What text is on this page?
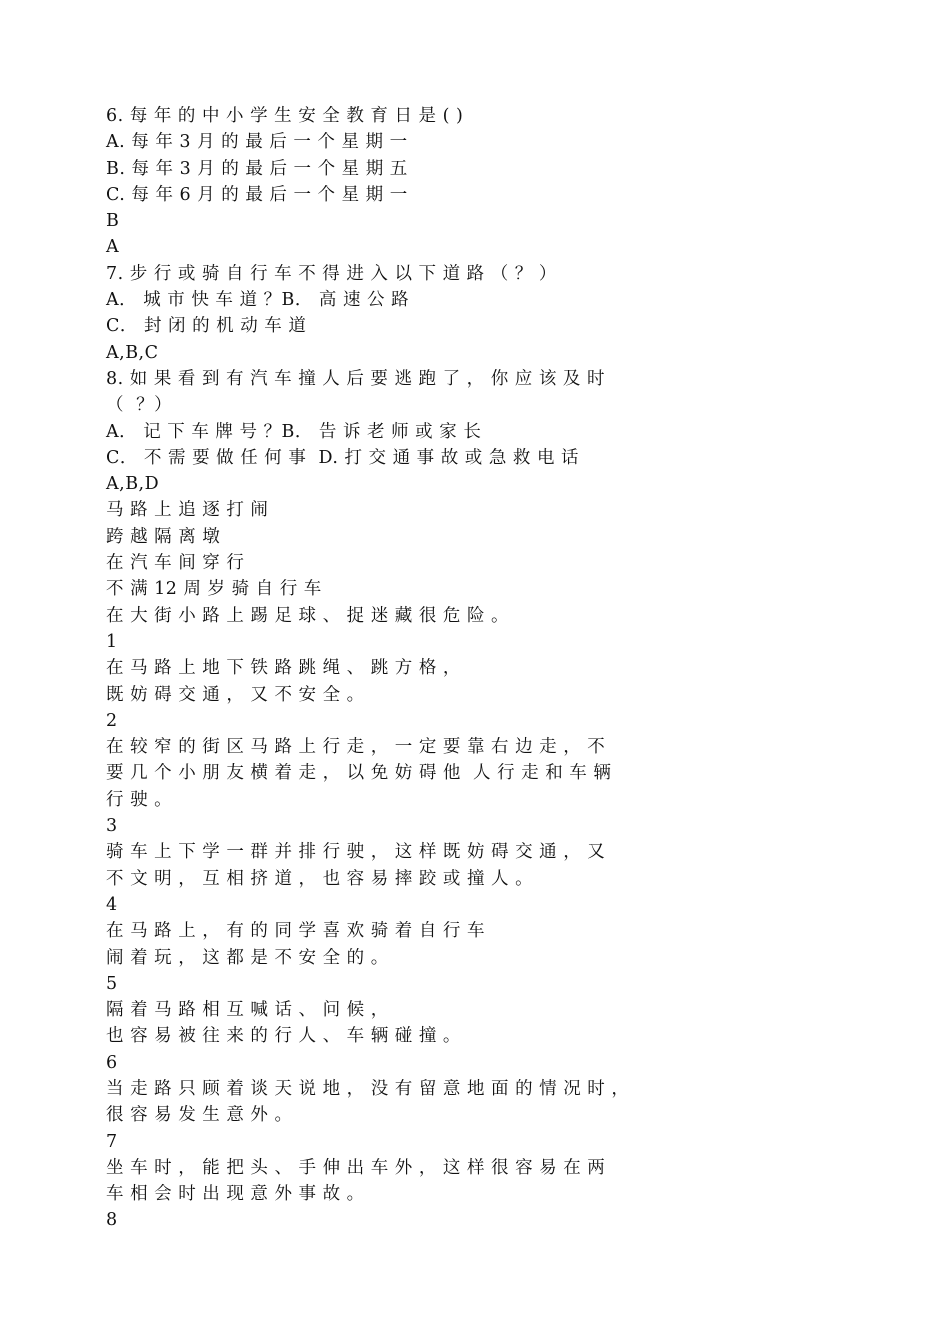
6. 每 年 的 中 小 学 生 安 全 教 育 日 是 ( )
A. 每 年 3 月 的 最 后 一 个 星 期 一
B. 每 年 3 月 的 最 后 一 个 星 期 五
C. 每 年 6 月 的 最 后 一 个 星 期 一
B
A
7. 步 行 或 骑 自 行 车 不 得 进 入 以 下 道 路 （ ？ ）
A． 城 市 快 车 道 ？B． 高 速 公 路
C． 封 闭 的 机 动 车 道
A,B,C
8. 如 果 看 到 有 汽 车 撞 人 后 要 逃 跑 了 ， 你 应 该 及 时
（  ？）
A． 记 下 车 牌 号 ？B． 告 诉 老 师 或 家 长
C． 不 需 要 做 任 何 事  D. 打 交 通 事 故 或 急 救 电 话
A,B,D
马 路 上 追 逐 打 闹
跨 越 隔 离 墩
在 汽 车 间 穿 行
不 满 12 周 岁 骑 自 行 车
在 大 街 小 路 上 踢 足 球 、 捉 迷 藏 很 危 险 。
1
在 马 路 上 地 下 铁 路 跳 绳 、 跳 方 格 ，
既 妨 碍 交 通 ， 又 不 安 全 。
2
在 较 窄 的 街 区 马 路 上 行 走 ， 一 定 要 靠 右 边 走 ， 不
要 几 个 小 朋 友 横 着 走 ， 以 免 妨 碍 他  人 行 走 和 车 辆
行 驶 。
3
骑 车 上 下 学 一 群 并 排 行 驶 ， 这 样 既 妨 碍 交 通 ， 又
不 文 明 ， 互 相 挤 道 ， 也 容 易 摔 跤 或 撞 人 。
4
在 马 路 上 ， 有 的 同 学 喜 欢 骑 着 自 行 车
闹 着 玩 ， 这 都 是 不 安 全 的 。
5
隔 着 马 路 相 互 喊 话 、 问 候 ，
也 容 易 被 往 来 的 行 人 、 车 辆 碰 撞 。
6
当 走 路 只 顾 着 谈 天 说 地 ， 没 有 留 意 地 面 的 情 况 时 ，
很 容 易 发 生 意 外 。
7
坐 车 时 ， 能 把 头 、 手 伸 出 车 外 ， 这 样 很 容 易 在 两
车 相 会 时 出 现 意 外 事 故 。
8
